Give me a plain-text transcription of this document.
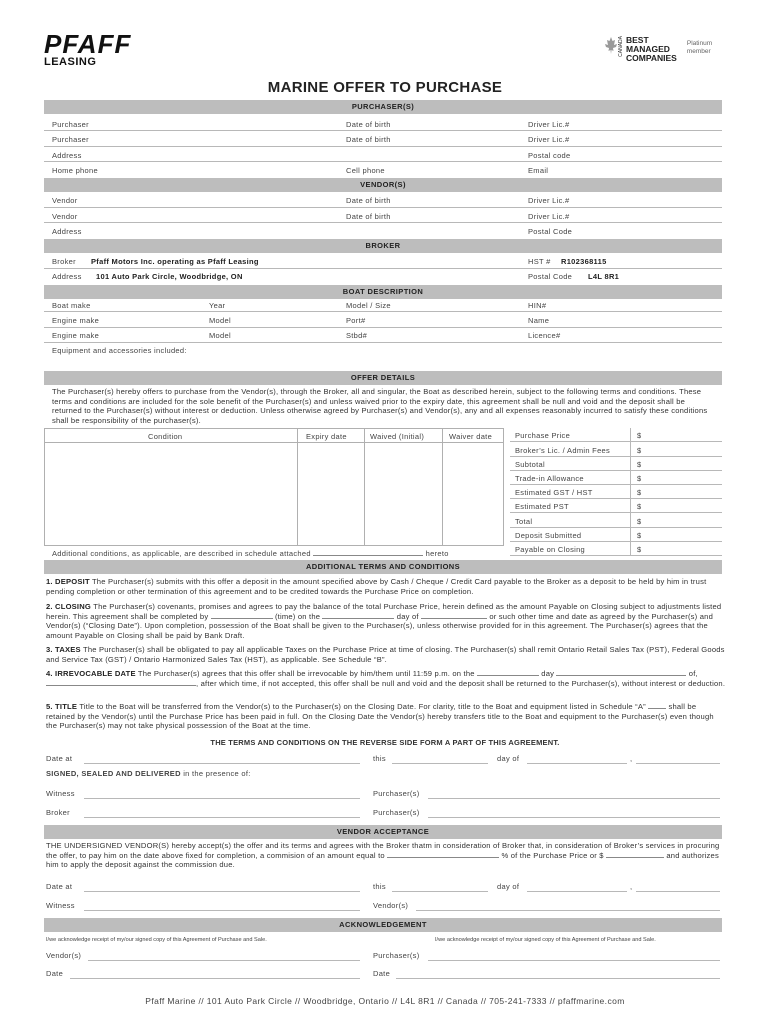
PFAFF
LEASING
CANADA BEST
MANAGED
COMPANIES
Platinum
member
MARINE OFFER TO PURCHASE
PURCHASER(S)
Purchaser	Date of birth	Driver Lic.#
Purchaser	Date of birth	Driver Lic.#
Address	Postal code
Home phone	Cell phone	Email
VENDOR(S)
Vendor	Date of birth	Driver Lic.#
Vendor	Date of birth	Driver Lic.#
Address	Postal Code
BROKER
Broker Pfaff Motors Inc. operating as Pfaff Leasing	HST # R102368115
Address 101 Auto Park Circle, Woodbridge, ON	Postal Code L4L 8R1
BOAT DESCRIPTION
Boat make	Year	Model / Size	HIN#
Engine make	Model	Port#	Name
Engine make	Model	Stbd#	Licence#
Equipment and accessories included:
OFFER DETAILS
The Purchaser(s) hereby offers to purchase from the Vendor(s), through the Broker, all and singular, the Boat as described herein, subject to the following terms and conditions. These terms and conditions are included for the sole benefit of the Purchaser(s) and unless waived prior to the expiry date, this agreement shall be null and void and the deposit shall be returned to the Purchaser(s) without interest or deduction. Unless otherwise agreed by Purchaser(s) and Vendor(s), any and all expenses reasonably incurred to satisfy these conditions shall be responsibility of the purchaser(s).
Condition	Expiry date	Waived (Initial)	Waiver date
Additional conditions, as applicable, are described in schedule attached	hereto
Purchase Price	$
Broker’s Lic. / Admin Fees	$
Subtotal	$
Trade-in Allowance	$
Estimated GST / HST	$
Estimated PST	$
Total	$
Deposit Submitted	$
Payable on Closing	$
ADDITIONAL TERMS AND CONDITIONS
1. DEPOSIT The Purchaser(s) submits with this offer a deposit in the amount specified above by Cash / Cheque / Credit Card payable to the Broker as a deposit to be held by him in trust pending completion or other termination of this agreement and to be credited towards the Purchase Price on completion.
2. CLOSING The Purchaser(s) covenants, promises and agrees to pay the balance of the total Purchase Price, herein defined as the amount Payable on Closing subject to adjustments listed herein. This agreement shall be completed by	(time) on the	day of	or such other time and date as agreed by the Purchaser(s) and Vendor(s) (“Closing Date”). Upon completion, possession of the Boat shall be given to the Purchaser(s), unless otherwise provided for in this agreement. The Purchaser(s) agrees that the amount Payable on Closing shall be paid by Bank Draft.
3. TAXES The Purchaser(s) shall be obligated to pay all applicable Taxes on the Purchase Price at time of closing. The Purchaser(s) shall remit Ontario Retail Sales Tax (PST), Federal Goods and Service Tax (GST) / Ontario Harmonized Sales Tax (HST), as applicable. See Schedule “B”.
4. IRREVOCABLE DATE The Purchaser(s) agrees that this offer shall be irrevocable by him/them until 11:59 p.m. on the	day	of, , after which time, if not accepted, this offer shall be null and void and the deposit shall be returned to the Purchaser(s), without interest or deduction.
5. TITLE Title to the Boat will be transferred from the Vendor(s) to the Purchaser(s) on the Closing Date. For clarity, title to the Boat and equipment listed in Schedule “A”	shall be retained by the Vendor(s) until the Purchase Price has been paid in full. On the Closing Date the Vendor(s) hereby transfers title to the Boat and equipment to the Purchaser(s) even though the Purchaser(s) may not take physical possession of the Boat at the time.
THE TERMS AND CONDITIONS ON THE REVERSE SIDE FORM A PART OF THIS AGREEMENT.
Date at	this	day of	,
SIGNED, SEALED AND DELIVERED in the presence of:
Witness	Purchaser(s)
Broker	Purchaser(s)
VENDOR ACCEPTANCE
THE UNDERSIGNED VENDOR(S) hereby accept(s) the offer and its terms and agrees with the Broker thatm in consideration of Broker that, in consideration of Broker’s services in procuring the offer, to pay him on the date above fixed for completion, a commision of an amount equal to	% of the Purchase Price or $	and authorizes him to apply the deposit against the commission due.
Date at	this	day of	,
Witness	Vendor(s)
ACKNOWLEDGEMENT
I/we acknowledge receipt of my/our signed copy of this Agreement of Purchase and Sale.	I/we acknowledge receipt of my/our signed copy of this Agreement of Purchase and Sale.
Vendor(s)	Purchaser(s)
Date	Date
Pfaff Marine // 101 Auto Park Circle // Woodbridge, Ontario // L4L 8R1 // Canada // 705-241-7333 // pfaffmarine.com
